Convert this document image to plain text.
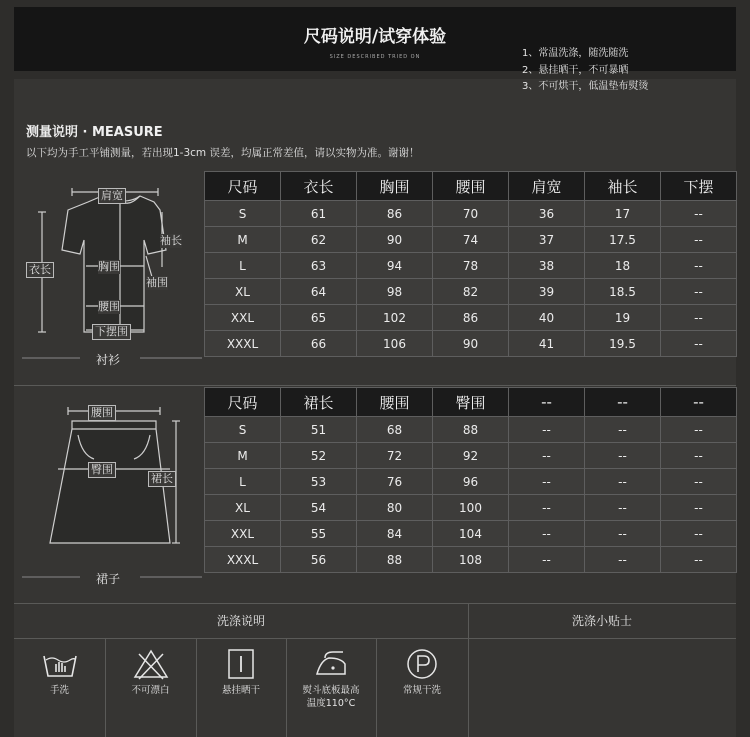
尺码说明/试穿体验
SIZE DESCRIBED TRIED ON
测量说明 · MEASURE
以下均为手工平铺测量，若出现1-3cm 误差，均属正常差值，请以实物为准。谢谢！
肩宽
胸围
腰围
下摆围
袖长
袖围
衣长
衬衫
尺码	衣长	胸围	腰围	肩宽	袖长	下摆
S	61	86	70	36	17	--
M	62	90	74	37	17.5	--
L	63	94	78	38	18	--
XL	64	98	82	39	18.5	--
XXL	65	102	86	40	19	--
XXXL	66	106	90	41	19.5	--
腰围
臀围
裙长
裙子
尺码	裙长	腰围	臀围	--	--	--
S	51	68	88	--	--	--
M	52	72	92	--	--	--
L	53	76	96	--	--	--
XL	54	80	100	--	--	--
XXL	55	84	104	--	--	--
XXXL	56	88	108	--	--	--
洗涤说明	洗涤小贴士
手洗	不可漂白	悬挂晒干	熨斗底板最高
温度110°C
常规干洗
1、常温洗涤，随洗随洗
2、悬挂晒干，不可暴晒
3、不可烘干，低温垫布熨烫
